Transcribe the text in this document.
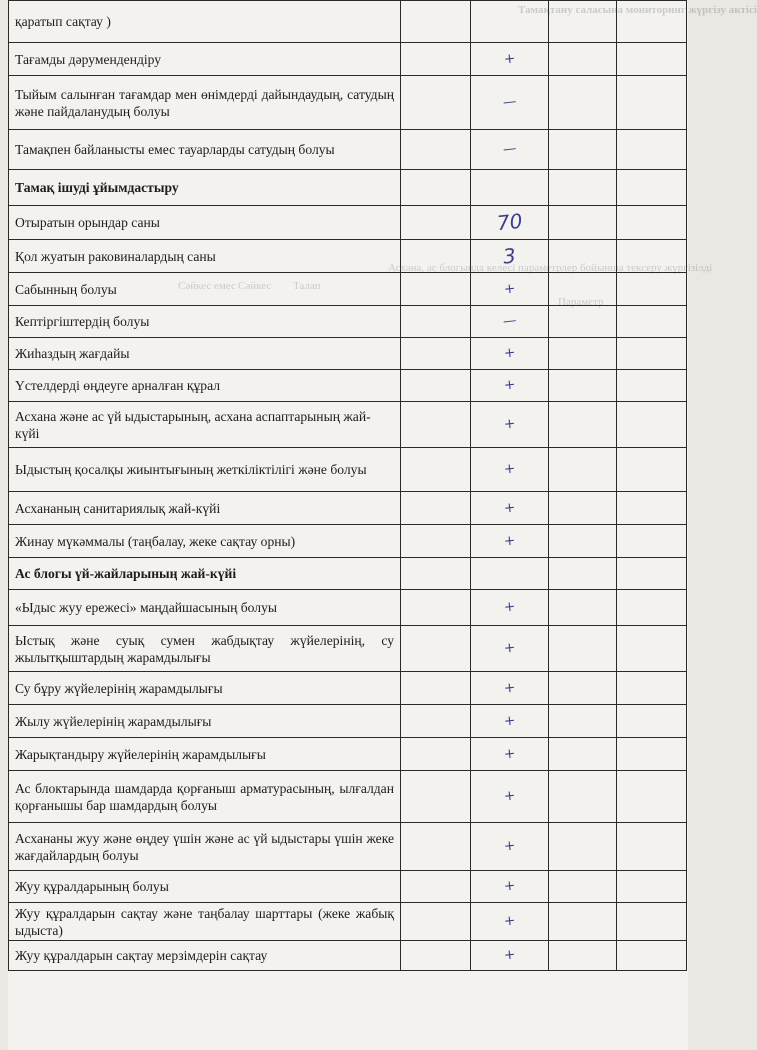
Тамақтану саласына мониторинг жүргізу актісі
Асхана, ас блогында келесі параметрлер бойынша тексеру жүргізілді
Параметр
Талап
Сәйкес
Сәйкес емес
қаратып сақтау )				
Тағамды дәрумендендіру		+		
Тыйым салынған тағамдар мен өнімдерді дайындаудың, сатудың және пайдаланудың болуы		—		
Тамақпен байланысты емес тауарларды сатудың болуы		—		
Тамақ ішуді ұйымдастыру				
Отыратын орындар саны		70		
Қол жуатын раковиналардың саны		3		
Сабынның болуы		+		
Кептіргіштердің болуы		—		
Жиһаздың жағдайы		+		
Үстелдерді өңдеуге арналған құрал		+		
Асхана және ас үй ыдыстарының, асхана аспаптарының жай-күйі		+		
Ыдыстың қосалқы жиынтығының жеткіліктілігі және болуы		+		
Асхананың санитариялық жай-күйі		+		
Жинау мүкәммалы (таңбалау, жеке сақтау орны)		+		
Ас блогы үй-жайларының жай-күйі				
«Ыдыс жуу ережесі» маңдайшасының болуы		+		
Ыстық және суық сумен жабдықтау жүйелерінің, су жылытқыштардың жарамдылығы		+		
Су бұру жүйелерінің жарамдылығы		+		
Жылу жүйелерінің жарамдылығы		+		
Жарықтандыру жүйелерінің жарамдылығы		+		
Ас блоктарында шамдарда қорғаныш арматурасының, ылғалдан қорғанышы бар шамдардың болуы		+		
Асхананы жуу және өңдеу үшін және ас үй ыдыстары үшін жеке жағдайлардың болуы		+		
Жуу құралдарының болуы		+		
Жуу құралдарын сақтау және таңбалау шарттары (жеке жабық ыдыста)		+		
Жуу құралдарын сақтау мерзімдерін сақтау		+		
